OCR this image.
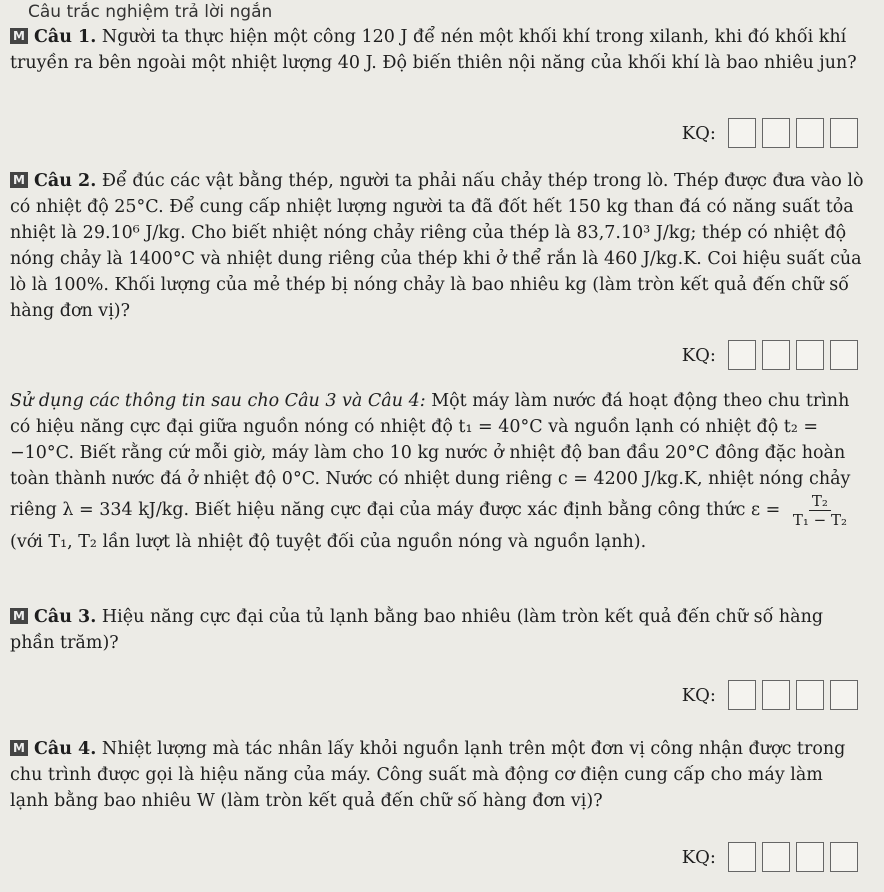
Câu trắc nghiệm trả lời ngắn
M Câu 1. Người ta thực hiện một công 120 J để nén một khối khí trong xilanh, khi đó khối khí truyền ra bên ngoài một nhiệt lượng 40 J. Độ biến thiên nội năng của khối khí là bao nhiêu jun?
KQ:
M Câu 2. Để đúc các vật bằng thép, người ta phải nấu chảy thép trong lò. Thép được đưa vào lò có nhiệt độ 25°C. Để cung cấp nhiệt lượng người ta đã đốt hết 150 kg than đá có năng suất tỏa nhiệt là 29.10⁶ J/kg. Cho biết nhiệt nóng chảy riêng của thép là 83,7.10³ J/kg; thép có nhiệt độ nóng chảy là 1400°C và nhiệt dung riêng của thép khi ở thể rắn là 460 J/kg.K. Coi hiệu suất của lò là 100%. Khối lượng của mẻ thép bị nóng chảy là bao nhiêu kg (làm tròn kết quả đến chữ số hàng đơn vị)?
KQ:
Sử dụng các thông tin sau cho Câu 3 và Câu 4: Một máy làm nước đá hoạt động theo chu trình có hiệu năng cực đại giữa nguồn nóng có nhiệt độ t₁ = 40°C và nguồn lạnh có nhiệt độ t₂ = −10°C. Biết rằng cứ mỗi giờ, máy làm cho 10 kg nước ở nhiệt độ ban đầu 20°C đông đặc hoàn toàn thành nước đá ở nhiệt độ 0°C. Nước có nhiệt dung riêng c = 4200 J/kg.K, nhiệt nóng chảy riêng λ = 334 kJ/kg. Biết hiệu năng cực đại của máy được xác định bằng công thức $\varepsilon = \frac{\text{T₂}}{\text{T₁ − T₂}}$
(với T₁, T₂ lần lượt là nhiệt độ tuyệt đối của nguồn nóng và nguồn lạnh).
M Câu 3. Hiệu năng cực đại của tủ lạnh bằng bao nhiêu (làm tròn kết quả đến chữ số hàng phần trăm)?
KQ:
M Câu 4. Nhiệt lượng mà tác nhân lấy khỏi nguồn lạnh trên một đơn vị công nhận được trong chu trình được gọi là hiệu năng của máy. Công suất mà động cơ điện cung cấp cho máy làm lạnh bằng bao nhiêu W (làm tròn kết quả đến chữ số hàng đơn vị)?
KQ:
